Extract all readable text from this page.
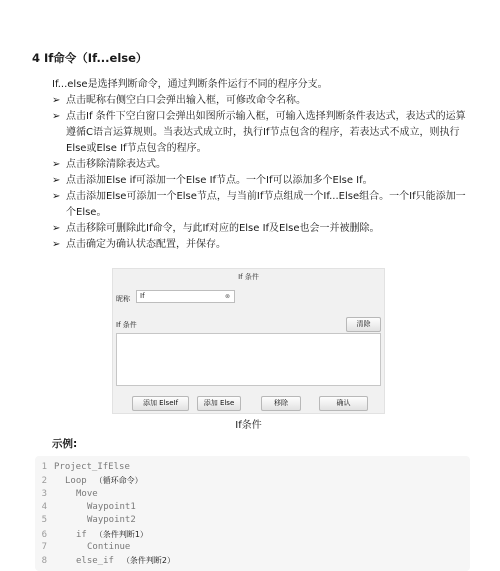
4 If命令（If...else）

If...else是选择判断命令，通过判断条件运行不同的程序分支。

➢ 点击昵称右侧空白口会弹出输入框，可修改命令名称。
➢ 点击If 条件下空白窗口会弹出如图所示输入框，可输入选择判断条件表达式，表达式的运算遵循C语言运算规则。当表达式成立时，执行If节点包含的程序，若表达式不成立，则执行Else或Else If节点包含的程序。
➢ 点击移除清除表达式。
➢ 点击添加Else if可添加一个Else If节点。一个If可以添加多个Else If。
➢ 点击添加Else可添加一个Else节点，与当前If节点组成一个If...Else组合。一个If只能添加一个Else。
➢ 点击移除可删除此If命令，与此If对应的Else If及Else也会一并被删除。
➢ 点击确定为确认状态配置，并保存。
If 条件
昵称	If	⊗
If 条件	清除
添加 ElseIf	添加 Else	移除	确认
If条件
示例:
1 Project_IfElse
2 Loop （循环命令）
3	Move
4	Waypoint1
5	Waypoint2
6	if （条件判断1）
7	Continue
8	else_if （条件判断2）
